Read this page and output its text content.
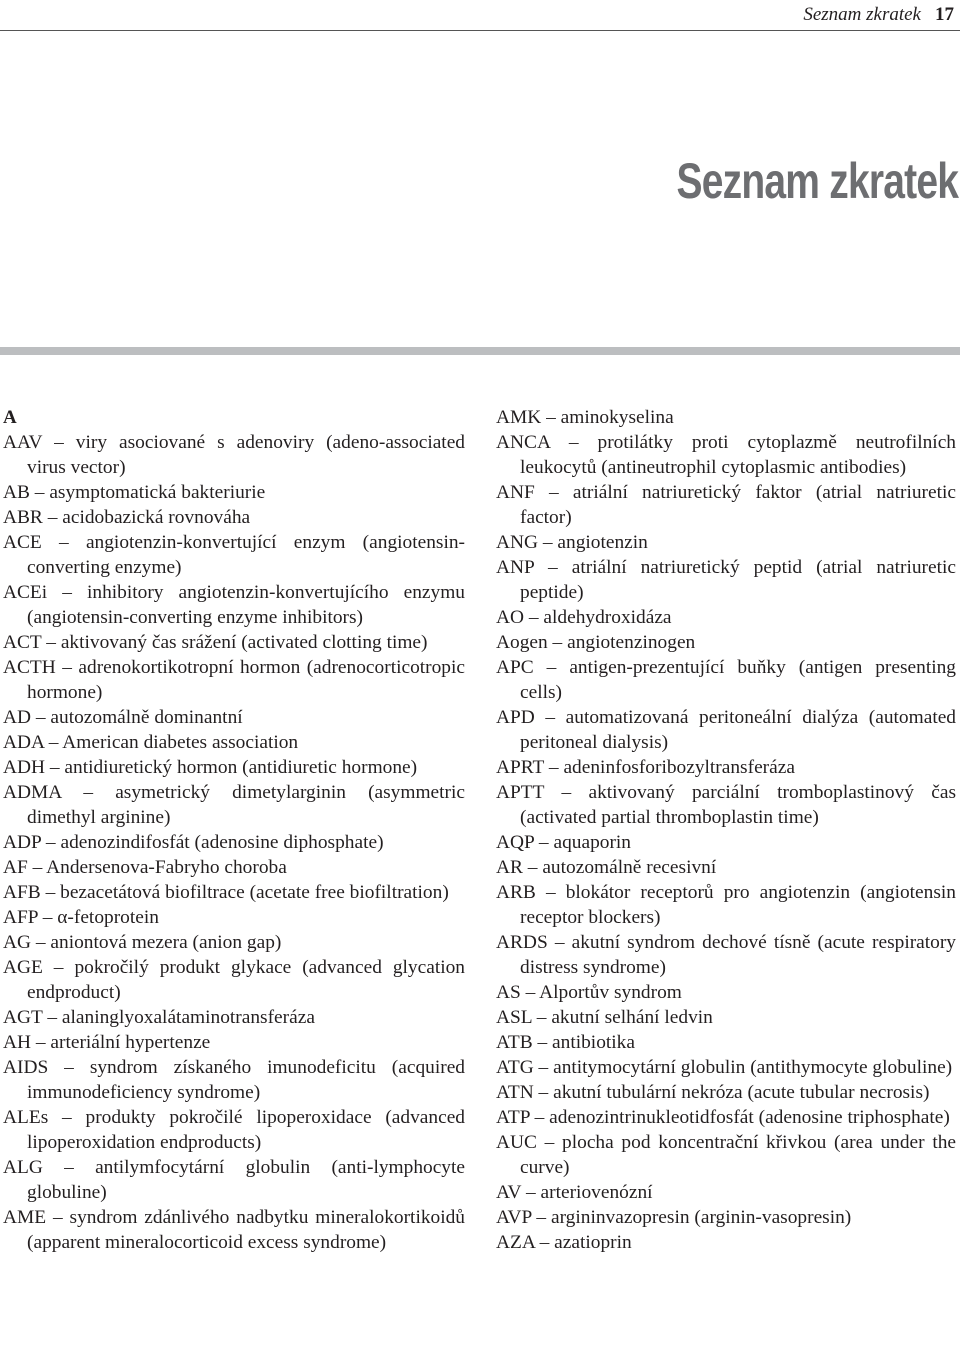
Seznam zkratek 17
Seznam zkratek
A
AAV – viry asociované s adenoviry (adeno-associated virus vector)
AB – asymptomatická bakteriurie
ABR – acidobazická rovnováha
ACE – angiotenzin-konvertující enzym (angiotensin-converting enzyme)
ACEi – inhibitory angiotenzin-konvertujícího enzymu (angiotensin-converting enzyme inhibitors)
ACT – aktivovaný čas srážení (activated clotting time)
ACTH – adrenokortikotropní hormon (adrenocorticotropic hormone)
AD – autozomálně dominantní
ADA – American diabetes association
ADH – antidiuretický hormon (antidiuretic hormone)
ADMA – asymetrický dimetylarginin (asymmetric dimethyl arginine)
ADP – adenozindifosfát (adenosine diphosphate)
AF – Andersenova-Fabryho choroba
AFB – bezacetátová biofiltrace (acetate free biofiltration)
AFP – α-fetoprotein
AG – aniontová mezera (anion gap)
AGE – pokročilý produkt glykace (advanced glycation endproduct)
AGT – alaninglyoxalátaminotransferáza
AH – arteriální hypertenze
AIDS – syndrom získaného imunodeficitu (acquired immunodeficiency syndrome)
ALEs – produkty pokročilé lipoperoxidace (advanced lipoperoxidation endproducts)
ALG – antilymfocytární globulin (anti-lymphocyte globuline)
AME – syndrom zdánlivého nadbytku mineralokortikoidů (apparent mineralocorticoid excess syndrome)
AMK – aminokyselina
ANCA – protilátky proti cytoplazmě neutrofilních leukocytů (antineutrophil cytoplasmic antibodies)
ANF – atriální natriuretický faktor (atrial natriuretic factor)
ANG – angiotenzin
ANP – atriální natriuretický peptid (atrial natriuretic peptide)
AO – aldehydroxidáza
Aogen – angiotenzinogen
APC – antigen-prezentující buňky (antigen presenting cells)
APD – automatizovaná peritoneální dialýza (automated peritoneal dialysis)
APRT – adeninfosforibozyltransferáza
APTT – aktivovaný parciální tromboplastinový čas (activated partial thromboplastin time)
AQP – aquaporin
AR – autozomálně recesivní
ARB – blokátor receptorů pro angiotenzin (angiotensin receptor blockers)
ARDS – akutní syndrom dechové tísně (acute respiratory distress syndrome)
AS – Alportův syndrom
ASL – akutní selhání ledvin
ATB – antibiotika
ATG – antitymocytární globulin (antithymocyte globuline)
ATN – akutní tubulární nekróza (acute tubular necrosis)
ATP – adenozintrinukleotidfosfát (adenosine triphosphate)
AUC – plocha pod koncentrační křivkou (area under the curve)
AV – arteriovenózní
AVP – argininvazopresin (arginin-vasopresin)
AZA – azatioprin
